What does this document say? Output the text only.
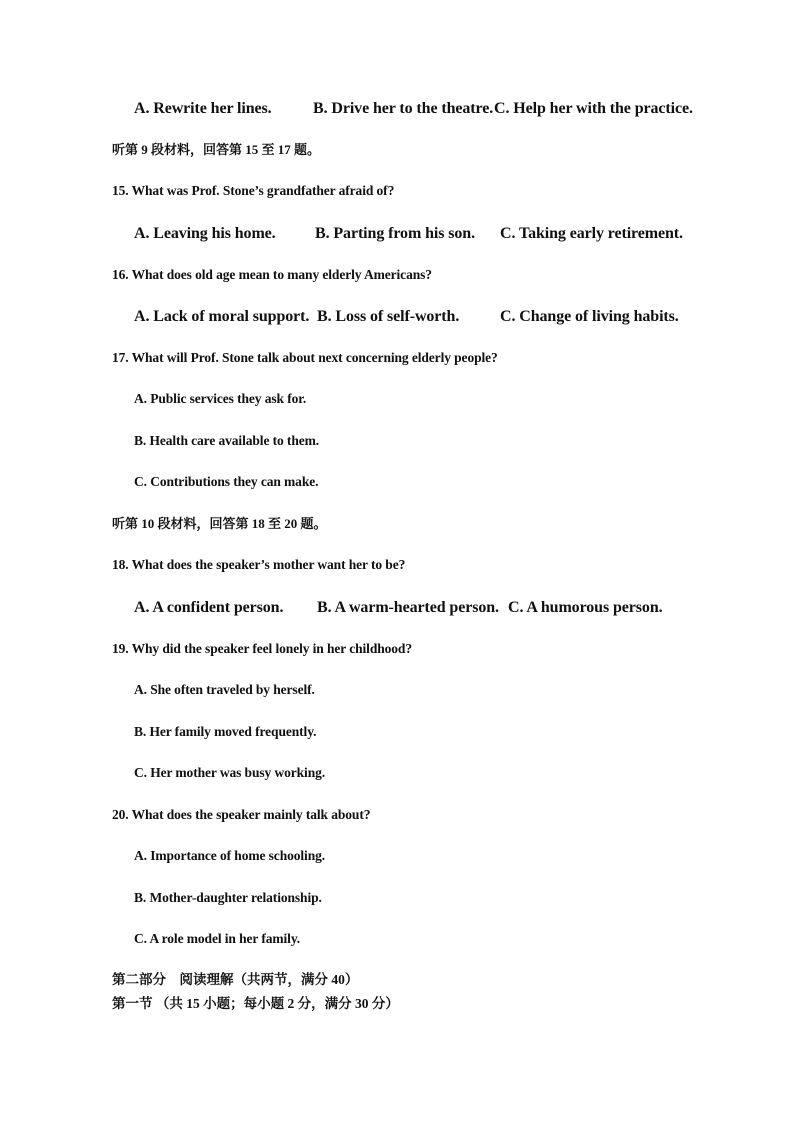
A. Rewrite her lines.	B. Drive her to the theatre. C. Help her with the practice.
听第 9 段材料，回答第 15 至 17 题。
15. What was Prof. Stone’s grandfather afraid of?
A. Leaving his home. B. Parting from his son. C. Taking early retirement.
16. What does old age mean to many elderly Americans?
A. Lack of moral support. B. Loss of self-worth.	C. Change of living habits.
17. What will Prof. Stone talk about next concerning elderly people?
A. Public services they ask for.
B. Health care available to them.
C. Contributions they can make.
听第 10 段材料，回答第 18 至 20 题。
18. What does the speaker’s mother want her to be?
A. A confident person. B. A warm-hearted person. C. A humorous person.
19. Why did the speaker feel lonely in her childhood?
A. She often traveled by herself.
B. Her family moved frequently.
C. Her mother was busy working.
20. What does the speaker mainly talk about?
A. Importance of home schooling.
B. Mother-daughter relationship.
C. A role model in her family.
第二部分　阅读理解（共两节，满分 40）
第一节 （共 15 小题；每小题 2 分，满分 30 分）
